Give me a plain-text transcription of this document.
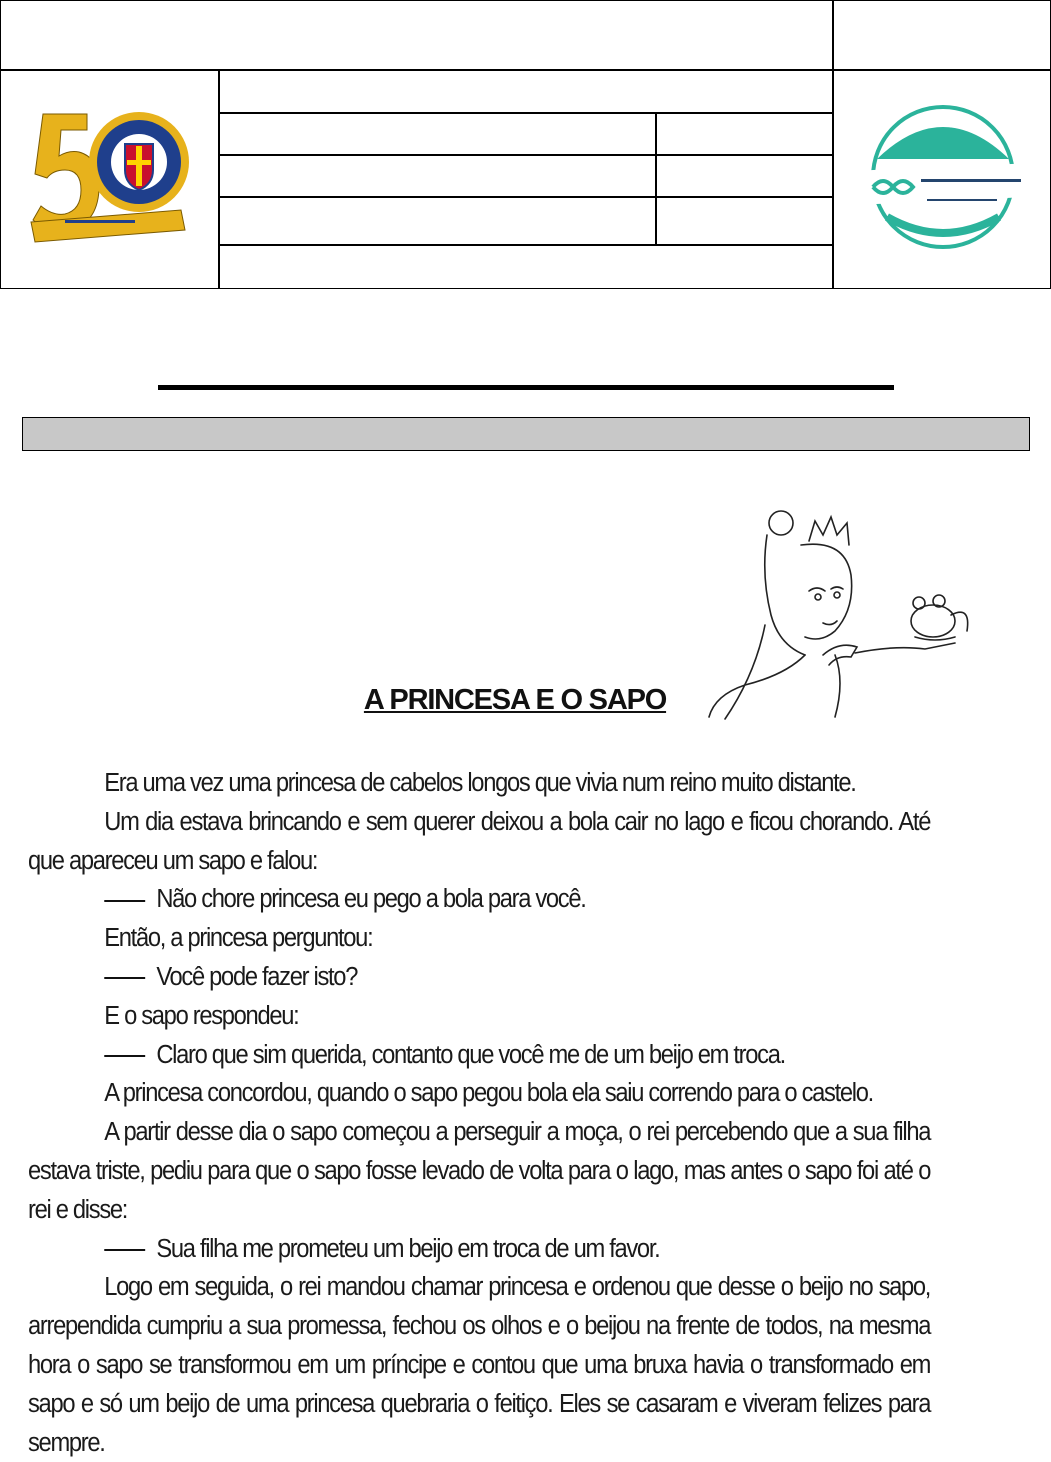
A PRINCESA E O SAPO

Era uma vez uma princesa de cabelos longos que vivia num reino muito distante.

Um dia estava brincando e sem querer deixou a bola cair no lago e ficou chorando. Até que apareceu um sapo e falou:

Não chore princesa eu pego a bola para você.

Então, a princesa perguntou:

Você pode fazer isto?

E o sapo respondeu:

Claro que sim querida, contanto que você me de um beijo em troca.

A princesa concordou, quando o sapo pegou bola ela saiu correndo para o castelo.

A partir desse dia o sapo começou a perseguir a moça, o rei percebendo que a sua filha estava triste, pediu para que o sapo fosse levado de volta para o lago, mas antes o sapo foi até o rei e disse:

Sua filha me prometeu um beijo em troca de um favor.

Logo em seguida, o rei mandou chamar princesa e ordenou que desse o beijo no sapo, arrependida cumpriu a sua promessa, fechou os olhos e o beijou na frente de todos, na mesma hora o sapo se transformou em um príncipe e contou que uma bruxa havia o transformado em sapo e só um beijo de uma princesa quebraria o feitiço. Eles se casaram e viveram felizes para sempre.
